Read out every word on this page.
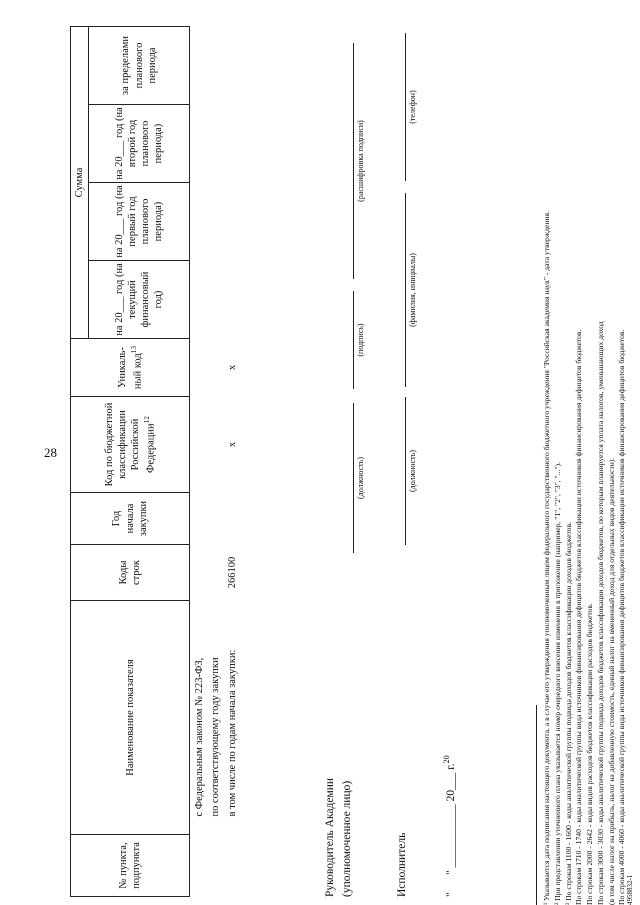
28
№ пункта, подпункта	Наименование показателя	Коды строк	Год начала закупки	Код по бюджетной классификации Российской Федерации$^{12}$	Уникаль-ный код$^{13}$	Сумма			
						на 20___ год (на текущий финансовый год)	на 20___ год (на первый год планового периода)	на 20___ год (на второй год планового периода)	за пределами планового периода

	с Федеральным законом № 223-ФЗ, по соответствующему году закупки в том числе по годам начала закупки:	266100		x	x				
Руководитель Академии (уполномоченное лицо)
(должность)
(подпись)
(расшифровка подписи)
Исполнитель
(должность)
(фамилия, инициалы)
(телефон)
"      " ___________ 20___ г.$^{20}$	¹ Указывается дата подписания настоящего документа, а в случае его утверждения уполномоченным лицом федерального государственного бюджетного учреждения "Российская академия наук" - дата утверждения. ² При представлении уточненного плана указывается номер очередного внесения изменения в приложение (например, "1", "2", "3", "..."). ³ По строкам 1100 - 1600 - коды аналитической группы подвида доходов бюджетов классификации доходов бюджетов. По строкам 1710 - 1740 - коды аналитической группы вида источников финансирования дефицитов бюджетов классификации источников финансирования дефицитов бюджетов. По строкам 2000 - 2642 - коды видов расходов бюджетов классификации расходов бюджетов. По строкам 3000 - 3030 - коды аналитической группы подвида доходов бюджетов классификации доходов бюджетов, по которым планируется уплата налогов, уменьшающих доход (в том числе налог на прибыль, налог на добавленную стоимость, единый налог на вмененный доход для отдельных видов деятельности). По строкам 4000 - 4060 - коды аналитической группы вида источников финансирования дефицитов бюджетов классификации источников финансирования дефицитов бюджетов. 4958832-1
